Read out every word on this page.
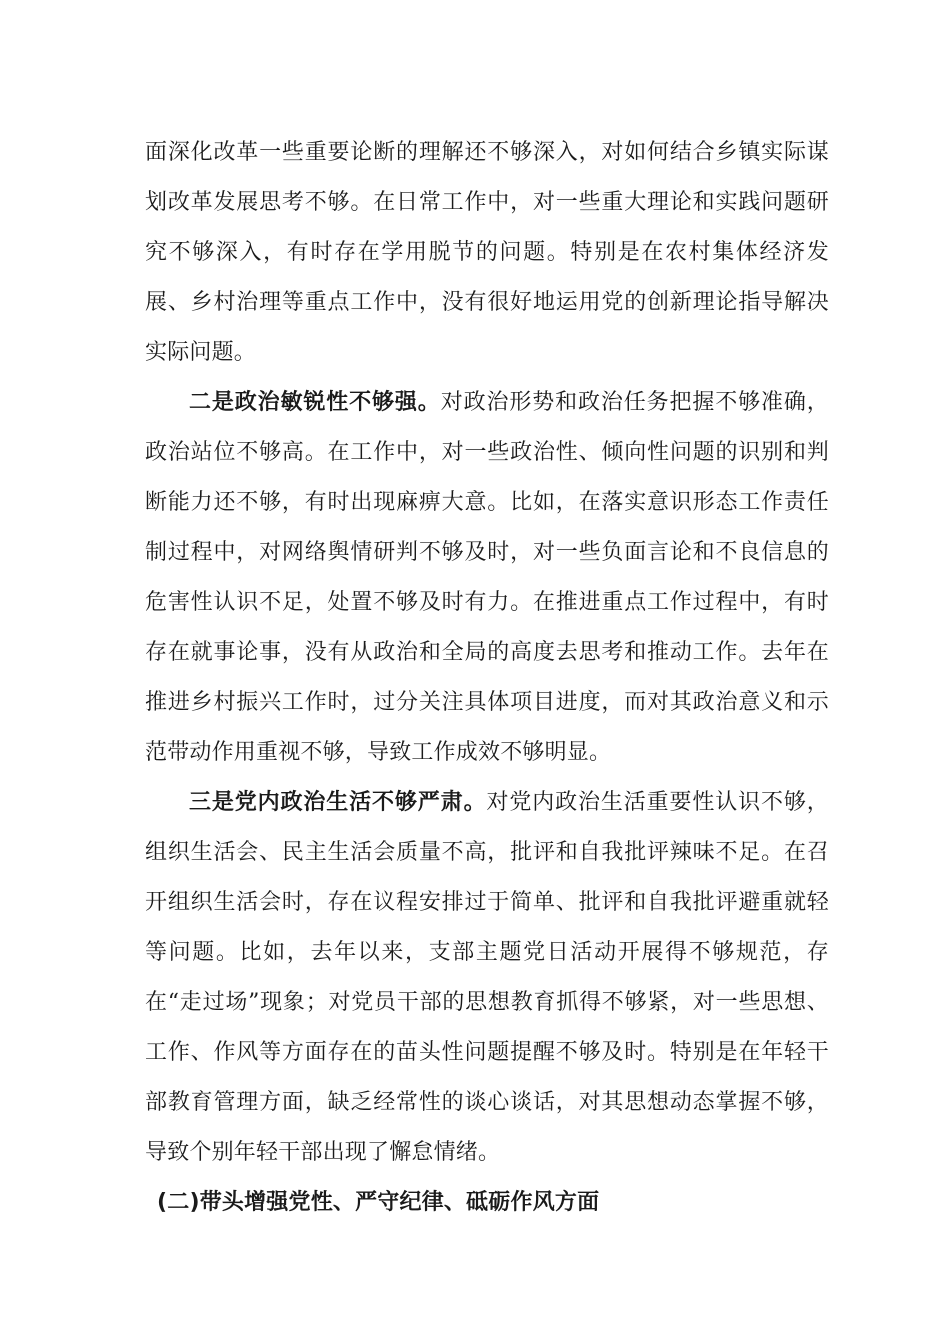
面深化改革一些重要论断的理解还不够深入，对如何结合乡镇实际谋划改革发展思考不够。在日常工作中，对一些重大理论和实践问题研究不够深入，有时存在学用脱节的问题。特别是在农村集体经济发展、乡村治理等重点工作中，没有很好地运用党的创新理论指导解决实际问题。

二是政治敏锐性不够强。对政治形势和政治任务把握不够准确，政治站位不够高。在工作中，对一些政治性、倾向性问题的识别和判断能力还不够，有时出现麻痹大意。比如，在落实意识形态工作责任制过程中，对网络舆情研判不够及时，对一些负面言论和不良信息的危害性认识不足，处置不够及时有力。在推进重点工作过程中，有时存在就事论事，没有从政治和全局的高度去思考和推动工作。去年在推进乡村振兴工作时，过分关注具体项目进度，而对其政治意义和示范带动作用重视不够，导致工作成效不够明显。

三是党内政治生活不够严肃。对党内政治生活重要性认识不够，组织生活会、民主生活会质量不高，批评和自我批评辣味不足。在召开组织生活会时，存在议程安排过于简单、批评和自我批评避重就轻等问题。比如，去年以来，支部主题党日活动开展得不够规范，存在“走过场”现象；对党员干部的思想教育抓得不够紧，对一些思想、工作、作风等方面存在的苗头性问题提醒不够及时。特别是在年轻干部教育管理方面，缺乏经常性的谈心谈话，对其思想动态掌握不够，导致个别年轻干部出现了懈怠情绪。

(二)带头增强党性、严守纪律、砥砺作风方面
